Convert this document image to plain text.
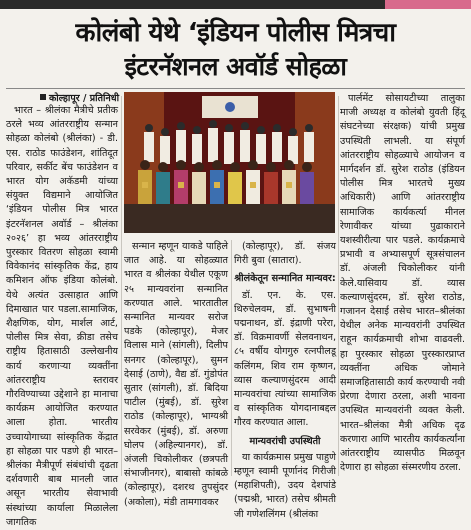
कोलंबो येथे ‘इंडियन पोलीस मित्रचा
इंटरनॅशनल अवॉर्ड सोहळा
कोल्हापूर / प्रतिनिधी

भारत – श्रीलंका मैत्रीचे प्रतीक ठरले भव्य आंतरराष्ट्रीय सन्मान सोहळा कोलंबो (श्रीलंका) - डी. एस. राठोड फाउंडेशन, शांतिदूत परिवार, सर्कीट बेंच फाउंडेशन व भारत योग अकॅडमी यांच्या संयुक्त विद्यमाने आयोजित ‘इंडियन पोलीस मित्र भारत इंटरनॅशनल अवॉर्ड – श्रीलंका २०२६’ हा भव्य आंतरराष्ट्रीय पुरस्कार वितरण सोहळा स्वामी विवेकानंद सांस्कृतिक केंद्र, हाय कमिशन ऑफ इंडिया कोलंबो. येथे अत्यंत उत्साहात आणि दिमाखात पार पडला.सामाजिक, शैक्षणिक, योग, मार्शल आर्ट, पोलीस मित्र सेवा, क्रीडा तसेच राष्ट्रीय हितासाठी उल्लेखनीय कार्य करणाऱ्या व्यक्तींना आंतरराष्ट्रीय स्तरावर गौरविण्याच्या उद्देशाने हा मानाचा कार्यक्रम आयोजित करण्यात आला होता. भारतीय उच्चायोगाच्या सांस्कृतिक केंद्रात हा सोहळा पार पडणे ही भारत–श्रीलंका मैत्रीपूर्ण संबंधांची दृढता दर्शवणारी बाब मानली जात असून भारतीय सेवाभावी संस्थांच्या कार्याला मिळालेला जागतिक

सन्मान म्हणून याकडे पाहिले जात आहे. या सोहळ्यात भारत व श्रीलंका येथील एकूण २५ मान्यवरांना सन्मानित करण्यात आले. भारतातील सन्मानित मान्यवर सरोज पडके (कोल्हापूर), मेजर विलास माने (सांगली), दिलीप सनगर (कोल्हापूर), सुमन देसाई (ठाणे), वैद्य डॉ. गुंडोपंत सुतार (सांगली), डॉ. बिदिया पाटील (मुंबई), डॉ. सुरेश राठोड (कोल्हापूर), भाग्यश्री सरवेकर (मुंबई), डॉ. अरुणा घोलप (अहिल्यानगर), डॉ. अंजली चिकोलीकर (छत्रपती संभाजीनगर), बाबासो कांबळे (कोल्हापूर), दशरथ तुपसुंदर (अकोला), मंडी तामगावकर

(कोल्हापूर), डॉ. संजय गिरी बुवा (सातारा).

श्रीलंकेतून सन्मानित मान्यवर:

डॉ. एन. के. एस. थिरुचेलवम, डॉ. सुभाषनी पद्मनाथन, डॉ. इंद्राणी परेरा, डॉ. विक्रमावर्णी सेलवनाथन, ८५ वर्षीय योगगुरु रत्नपीलडू कलिंगम, शिव राम कृष्णन, व्यास कल्याणसुंदरम आदी मान्यवरांचा त्यांच्या सामाजिक व सांस्कृतिक योगदानाबद्दल गौरव करण्यात आला.

मान्यवरांची उपस्थिती

या कार्यक्रमास प्रमुख पाहुणे म्हणून स्वामी पूर्णानंद गिरीजी (महाशिपती), उदय देशपांडे (पद्मश्री, भारत) तसेच श्रीमती जी गणेशलिंगम (श्रीलंका

पार्लमेंट सोसायटीच्या तालुका माजी अध्यक्ष व कोलंबो युवती हिंदू संघटनेच्या संरक्षक) यांची प्रमुख उपस्थिती लाभली. या संपूर्ण आंतरराष्ट्रीय सोहळ्याचे आयोजन व मार्गदर्शन डॉ. सुरेश राठोड (इंडियन पोलीस मित्र भारतचे मुख्य अधिकारी) आणि आंतरराष्ट्रीय सामाजिक कार्यकर्त्या मीनल रेणावीकर यांच्या पुढाकाराने यशस्वीरीत्या पार पडले. कार्यक्रमाचे प्रभावी व अभ्यासपूर्ण सूत्रसंचालन डॉ. अंजली चिकोलीकर यांनी केले.यासिवाय डॉ. व्यास कल्याणसुंदरम, डॉ. सुरेश राठोड, गजानन देसाई तसेच भारत–श्रीलंका येथील अनेक मान्यवरांनी उपस्थित राहून कार्यक्रमाची शोभा वाढवली. हा पुरस्कार सोहळा पुरस्कारप्राप्त व्यक्तींना अधिक जोमाने समाजहितासाठी कार्य करण्याची नवी प्रेरणा देणारा ठरला, अशी भावना उपस्थित मान्यवरांनी व्यक्त केली. भारत–श्रीलंका मैत्री अधिक दृढ करणारा आणि भारतीय कार्यकर्त्यांना आंतरराष्ट्रीय व्यासपीठ मिळवून देणारा हा सोहळा संस्मरणीय ठरला.
